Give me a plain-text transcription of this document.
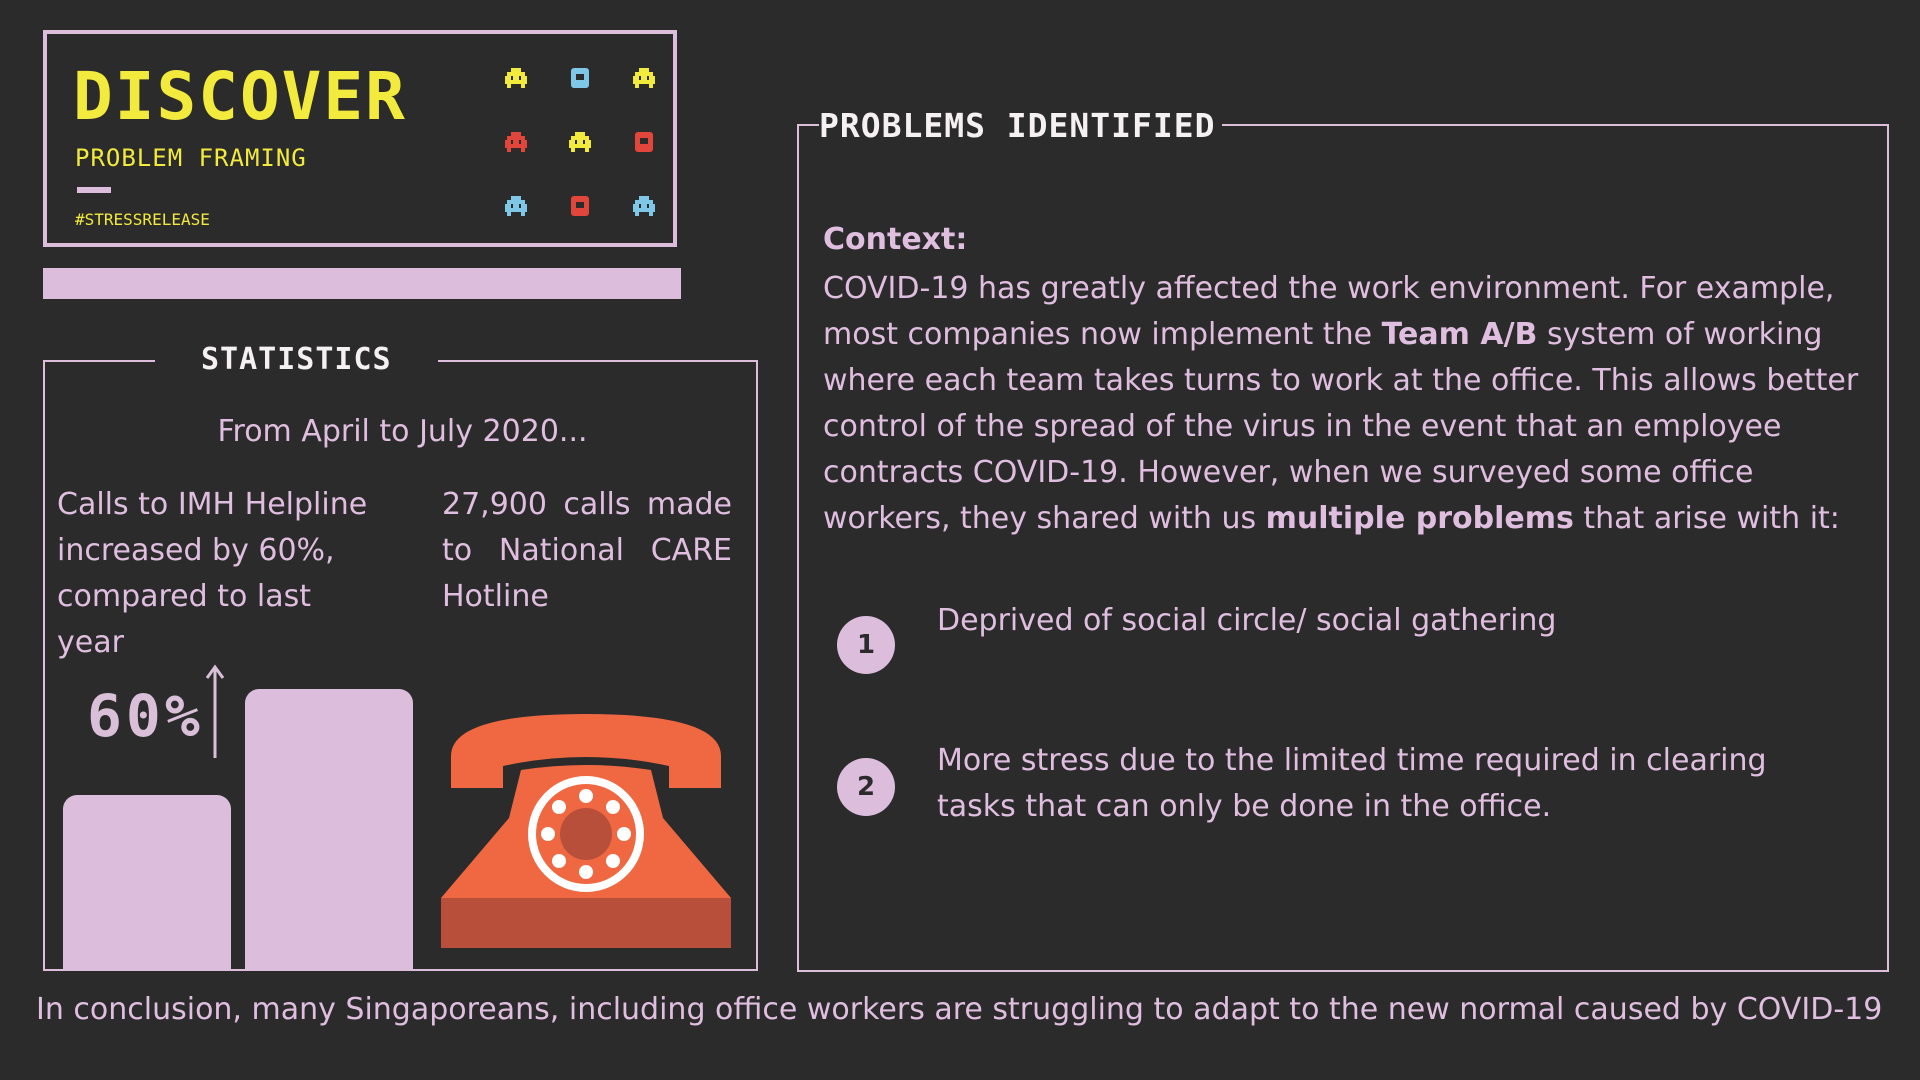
DISCOVER
PROBLEM FRAMING
#STRESSRELEASE
STATISTICS
From April to July 2020...
Calls to IMH Helpline increased by 60%, compared to last year
27,900 calls made to National CARE Hotline
60%
PROBLEMS IDENTIFIED
Context:
COVID-19 has greatly affected the work environment. For example, most companies now implement the Team A/B system of working where each team takes turns to work at the office. This allows better control of the spread of the virus in the event that an employee contracts COVID-19. However, when we surveyed some office workers, they shared with us multiple problems that arise with it:
1
Deprived of social circle/ social gathering
2
More stress due to the limited time required in clearing tasks that can only be done in the office.
In conclusion, many Singaporeans, including office workers are struggling to adapt to the new normal caused by COVID-19
